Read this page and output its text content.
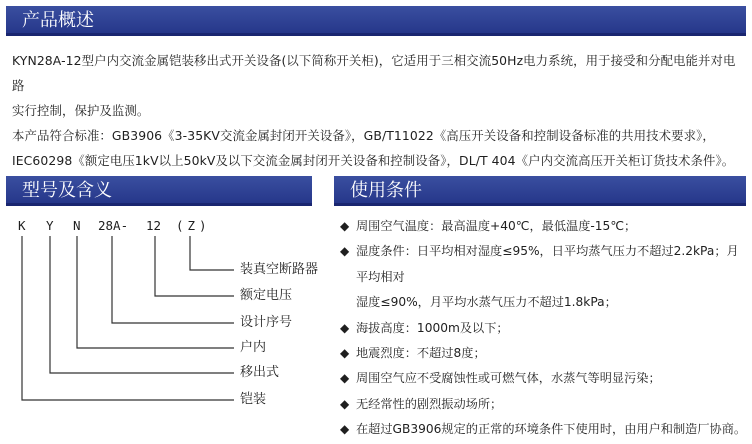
产品概述

KYN28A-12型户内交流金属铠装移出式开关设备(以下简称开关柜)，它适用于三相交流50Hz电力系统，用于接受和分配电能并对电路

实行控制，保护及监测。

本产品符合标准：GB3906《3-35KV交流金属封闭开关设备》，GB/T11022《高压开关设备和控制设备标准的共用技术要求》，

IEC60298《额定电压1kV以上50kV及以下交流金属封闭开关设备和控制设备》，DL/T 404《户内交流高压开关柜订货技术条件》。

型号及含义	使用条件
K Y N 28A- 12 (Z)
装真空断路器
额定电压
设计序号
户内
移出式
铠装
◆ 周围空气温度：最高温度+40℃，最低温度-15℃；
◆ 湿度条件：日平均相对湿度≤95%，日平均蒸气压力不超过2.2kPa；月平均相对
湿度≤90%，月平均水蒸气压力不超过1.8kPa；
◆ 海拔高度：1000m及以下；
◆ 地震烈度：不超过8度；
◆ 周围空气应不受腐蚀性或可燃气体，水蒸气等明显污染；
◆ 无经常性的剧烈振动场所；
◆ 在超过GB3906规定的正常的环境条件下使用时，由用户和制造厂协商。
